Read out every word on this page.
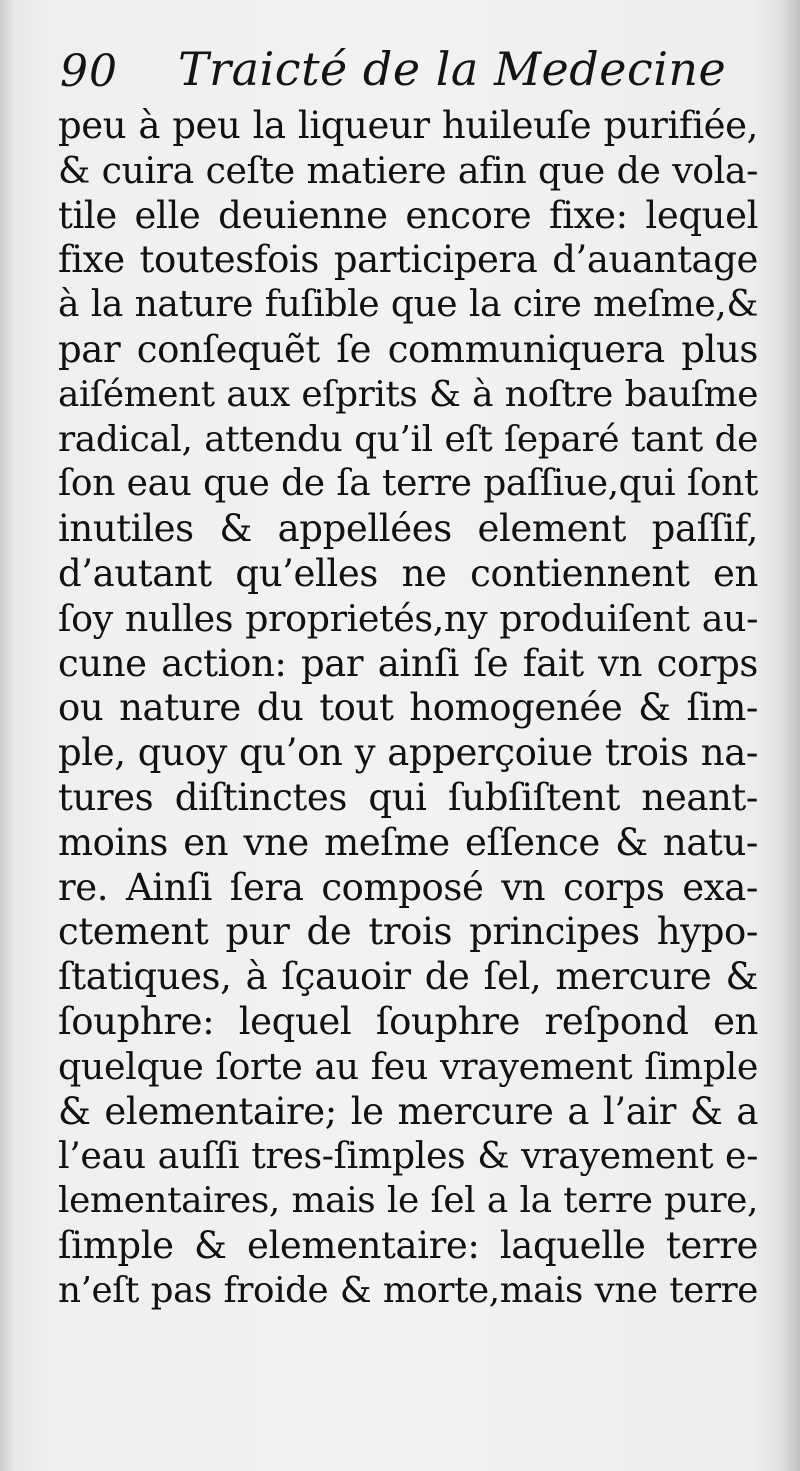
90 Traicté de la Medecine
peu à peu la liqueur huileuſe purifiée,
& cuira ceſte matiere afin que de vola-
tile elle deuienne encore fixe: lequel
fixe toutesfois participera d’auantage
à la nature fuſible que la cire meſme,&
par conſequẽt ſe communiquera plus
aiſément aux eſprits & à noſtre bauſme
radical, attendu qu’il eſt ſeparé tant de
ſon eau que de ſa terre paſſiue,qui ſont
inutiles & appellées element paſſif,
d’autant qu’elles ne contiennent en
ſoy nulles proprietés,ny produiſent au-
cune action: par ainſi ſe fait vn corps
ou nature du tout homogenée & ſim-
ple, quoy qu’on y apperçoiue trois na-
tures diſtinctes qui ſubſiſtent neant-
moins en vne meſme eſſence & natu-
re. Ainſi ſera composé vn corps exa-
ctement pur de trois principes hypo-
ſtatiques, à ſçauoir de ſel, mercure &
ſouphre: lequel ſouphre reſpond en
quelque ſorte au feu vrayement ſimple
& elementaire; le mercure a l’air & a
l’eau auſſi tres-ſimples & vrayement e-
lementaires, mais le ſel a la terre pure,
ſimple & elementaire: laquelle terre
n’eſt pas froide & morte,mais vne terre
